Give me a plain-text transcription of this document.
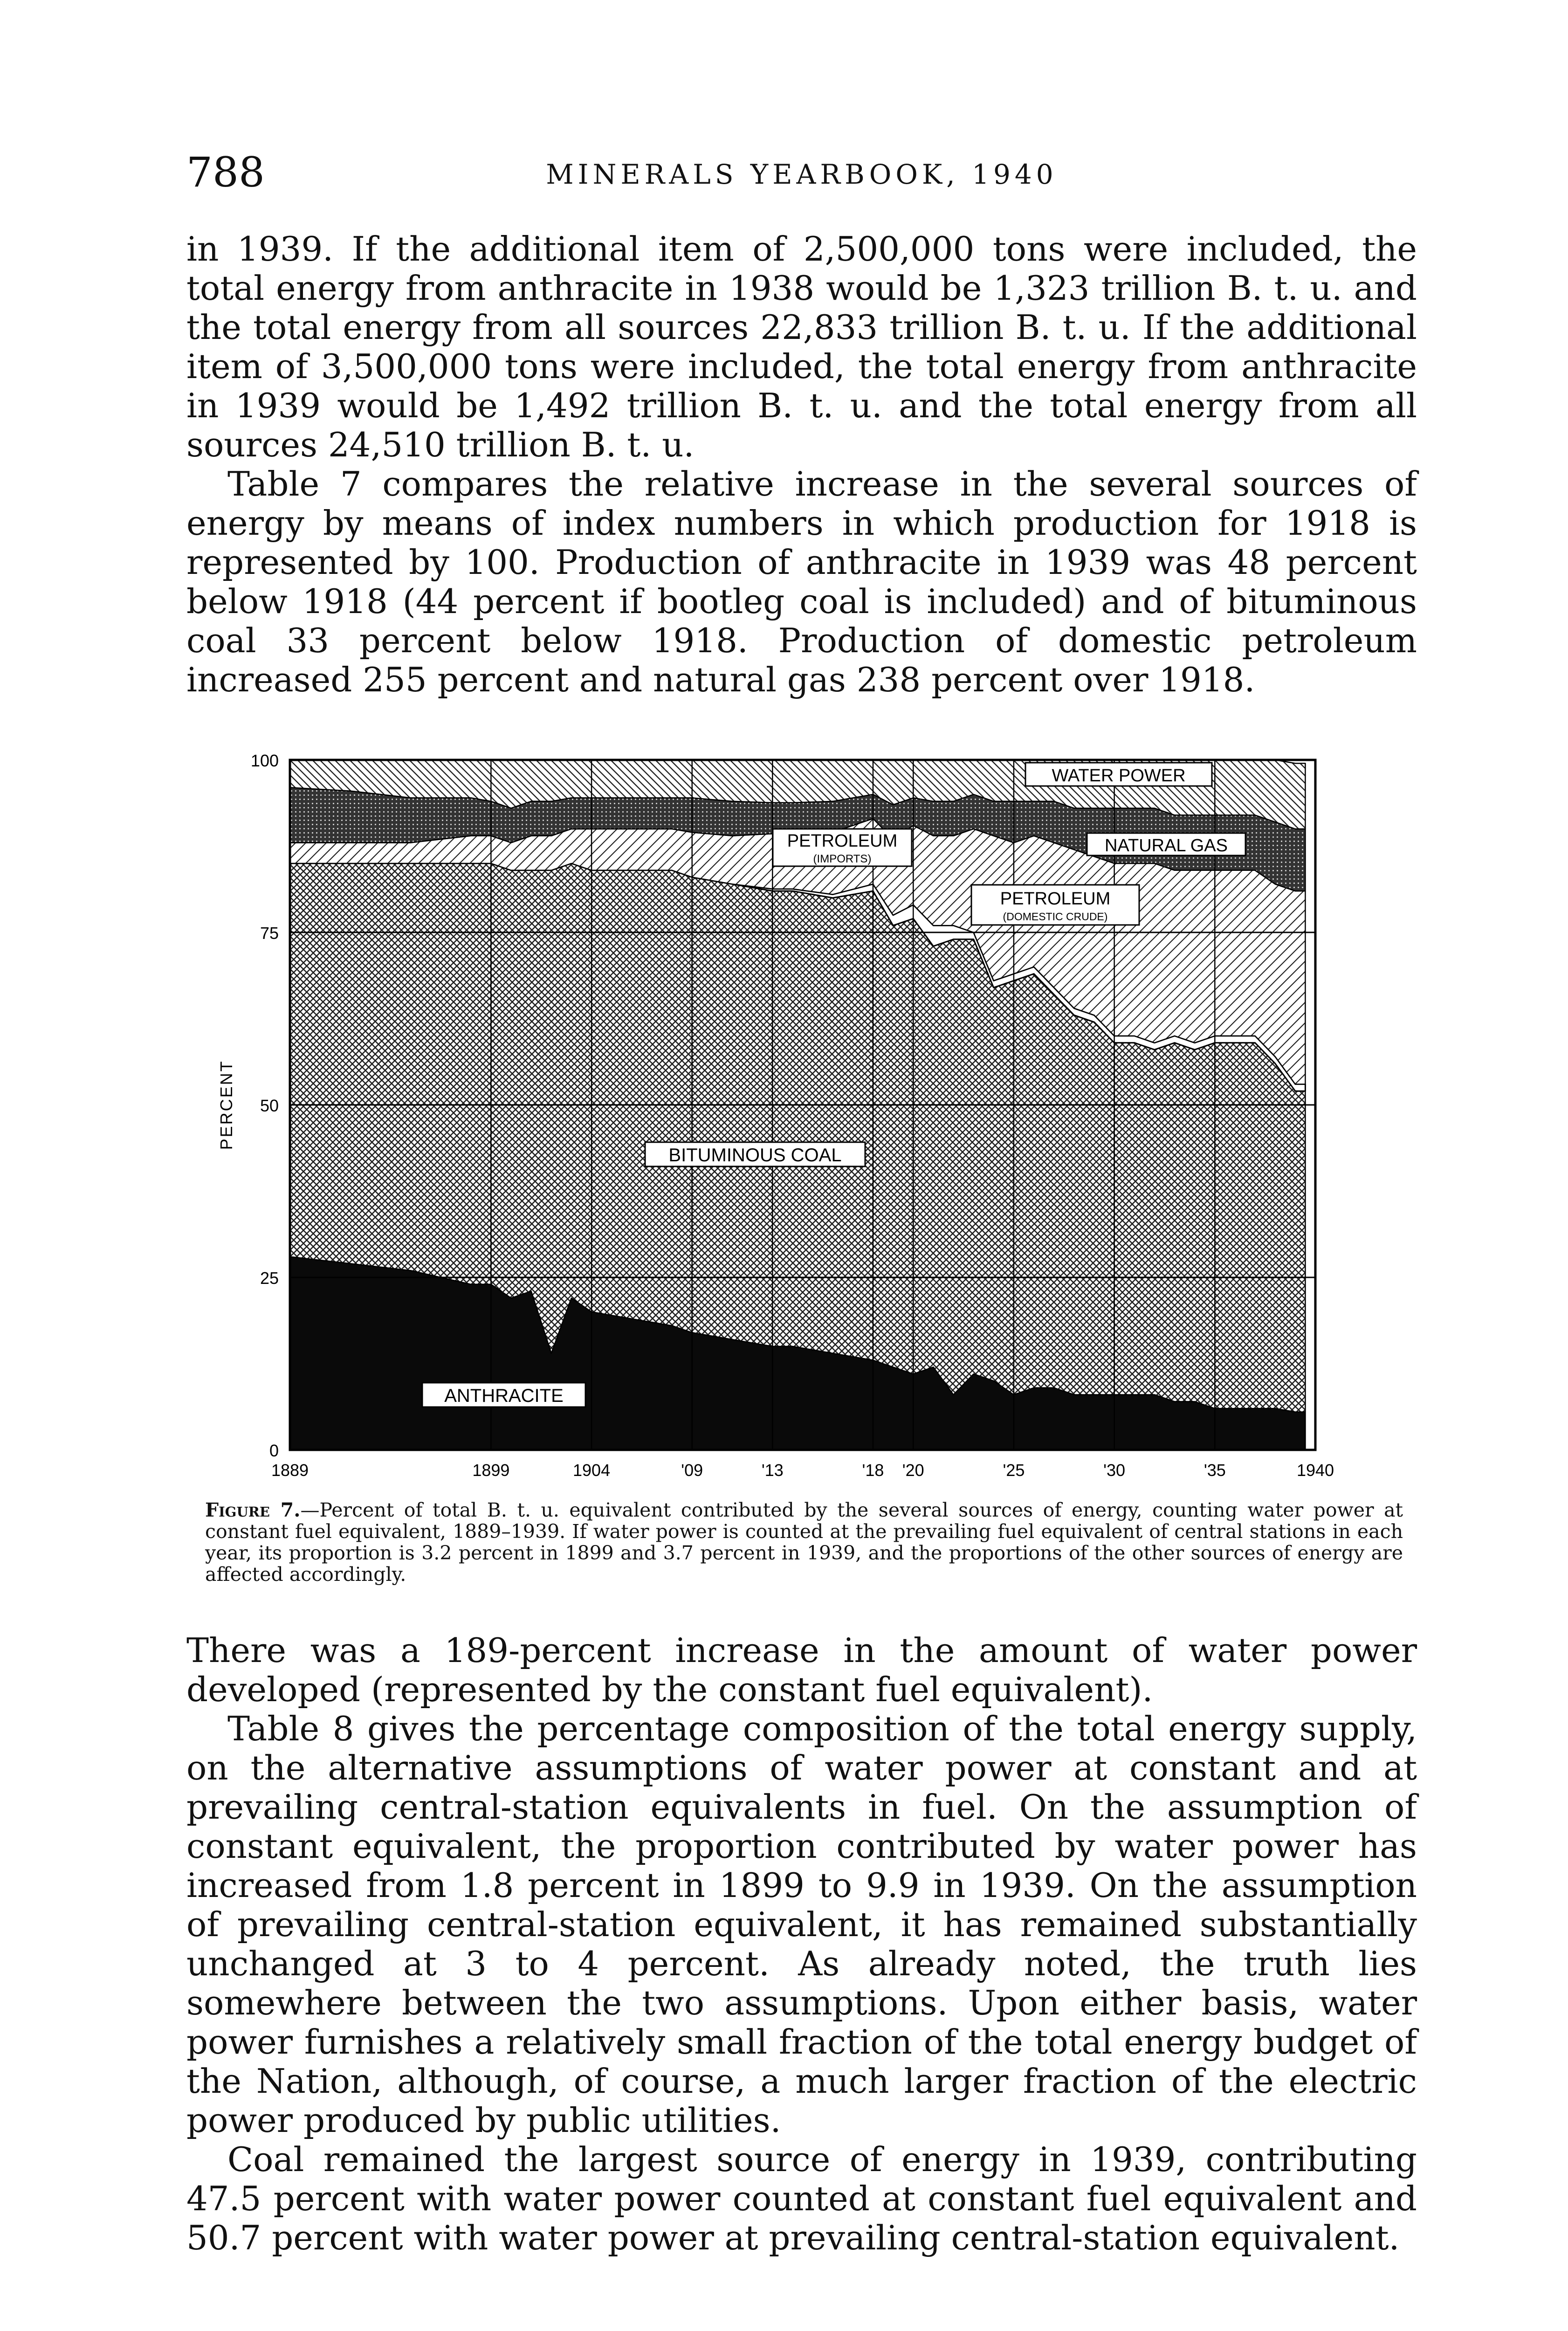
788	MINERALS YEARBOOK, 1940

in 1939. If the additional item of 2,500,000 tons were included, the total energy from anthracite in 1938 would be 1,323 trillion B. t. u. and the total energy from all sources 22,833 trillion B. t. u. If the additional item of 3,500,000 tons were included, the total energy from anthracite in 1939 would be 1,492 trillion B. t. u. and the total energy from all sources 24,510 trillion B. t. u.

Table 7 compares the relative increase in the several sources of energy by means of index numbers in which production for 1918 is represented by 100. Production of anthracite in 1939 was 48 percent below 1918 (44 percent if bootleg coal is included) and of bituminous coal 33 percent below 1918. Production of domestic petroleum increased 255 percent and natural gas 238 percent over 1918.

0
25
50
75
100
1889	1899	1904	'09	'13	'18 '20	'25	'30	'35	1940
PERCENT
WATER POWER
NATURAL GAS
PETROLEUM
(IMPORTS)
PETROLEUM
(DOMESTIC CRUDE)
BITUMINOUS COAL
ANTHRACITE

Figure 7.—Percent of total B. t. u. equivalent contributed by the several sources of energy, counting water power at constant fuel equivalent, 1889–1939. If water power is counted at the prevailing fuel equivalent of central stations in each year, its proportion is 3.2 percent in 1899 and 3.7 percent in 1939, and the proportions of the other sources of energy are affected accordingly.

There was a 189-percent increase in the amount of water power developed (represented by the constant fuel equivalent).

Table 8 gives the percentage composition of the total energy supply, on the alternative assumptions of water power at constant and at prevailing central-station equivalents in fuel. On the assumption of constant equivalent, the proportion contributed by water power has increased from 1.8 percent in 1899 to 9.9 in 1939. On the assumption of prevailing central-station equivalent, it has remained substantially unchanged at 3 to 4 percent. As already noted, the truth lies somewhere between the two assumptions. Upon either basis, water power furnishes a relatively small fraction of the total energy budget of the Nation, although, of course, a much larger fraction of the electric power produced by public utilities.

Coal remained the largest source of energy in 1939, contributing 47.5 percent with water power counted at constant fuel equivalent and 50.7 percent with water power at prevailing central-station equivalent.
